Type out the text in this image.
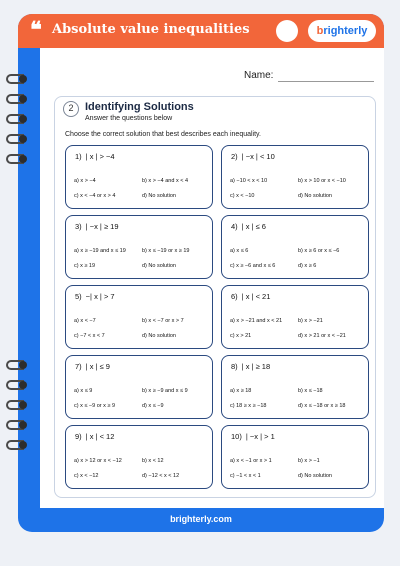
❝ Absolute value inequalities	brighterly
Name:
2	Identifying Solutions
Answer the questions below
Choose the correct solution that best describes each inequality.
1) | x | > −4
a) x > −4	b) x > −4 and x < 4
c) x < −4 or x > 4	d) No solution
2) | −x | < 10
a) −10 < x < 10	b) x > 10 or x < −10
c) x < −10	d) No solution
3) | −x | ≥ 19
a) x ≥ −19 and x ≤ 19	b) x ≤ −19 or x ≥ 19
c) x ≥ 19	d) No solution
4) | x | ≤ 6
a) x ≤ 6	b) x ≥ 6 or x ≤ −6
c) x ≥ −6 and x ≤ 6	d) x ≥ 6
5) −| x | > 7
a) x < −7	b) x < −7 or x > 7
c) −7 < x < 7	d) No solution
6) | x | < 21
a) x > −21 and x < 21	b) x > −21
c) x > 21	d) x > 21 or x < −21
7) | x | ≤ 9
a) x ≤ 9	b) x ≥ −9 and x ≤ 9
c) x ≤ −9 or x ≥ 9	d) x ≤ −9
8) | x | ≥ 18
a) x ≥ 18	b) x ≤ −18
c) 18 ≥ x ≥ −18	d) x ≤ −18 or x ≥ 18
9) | x | < 12
a) x > 12 or x < −12	b) x < 12
c) x < −12	d) −12 < x < 12
10) | −x | > 1
a) x < −1 or x > 1	b) x > −1
c) −1 < x < 1	d) No solution
brighterly.com
